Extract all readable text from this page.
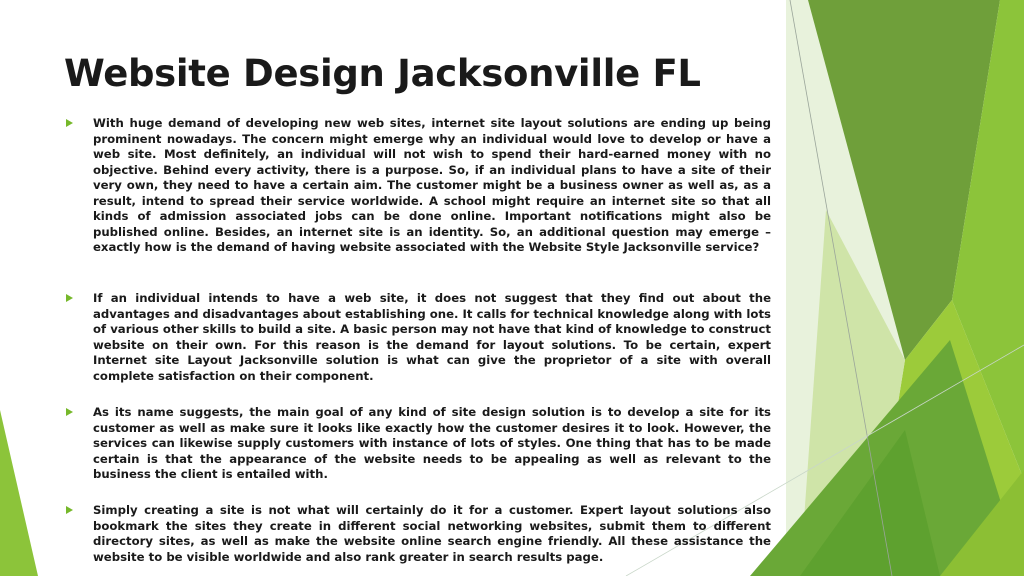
Website Design Jacksonville FL

With huge demand of developing new web sites, internet site layout solutions are ending up being prominent nowadays. The concern might emerge why an individual would love to develop or have a web site. Most definitely, an individual will not wish to spend their hard-earned money with no objective. Behind every activity, there is a purpose. So, if an individual plans to have a site of their very own, they need to have a certain aim. The customer might be a business owner as well as, as a result, intend to spread their service worldwide. A school might require an internet site so that all kinds of admission associated jobs can be done online. Important notifications might also be published online. Besides, an internet site is an identity. So, an additional question may emerge – exactly how is the demand of having website associated with the Website Style Jacksonville service?

If an individual intends to have a web site, it does not suggest that they find out about the advantages and disadvantages about establishing one. It calls for technical knowledge along with lots of various other skills to build a site. A basic person may not have that kind of knowledge to construct website on their own. For this reason is the demand for layout solutions. To be certain, expert Internet site Layout Jacksonville solution is what can give the proprietor of a site with overall complete satisfaction on their component.

As its name suggests, the main goal of any kind of site design solution is to develop a site for its customer as well as make sure it looks like exactly how the customer desires it to look. However, the services can likewise supply customers with instance of lots of styles. One thing that has to be made certain is that the appearance of the website needs to be appealing as well as relevant to the business the client is entailed with.

Simply creating a site is not what will certainly do it for a customer. Expert layout solutions also bookmark the sites they create in different social networking websites, submit them to different directory sites, as well as make the website online search engine friendly. All these assistance the website to be visible worldwide and also rank greater in search results page.
